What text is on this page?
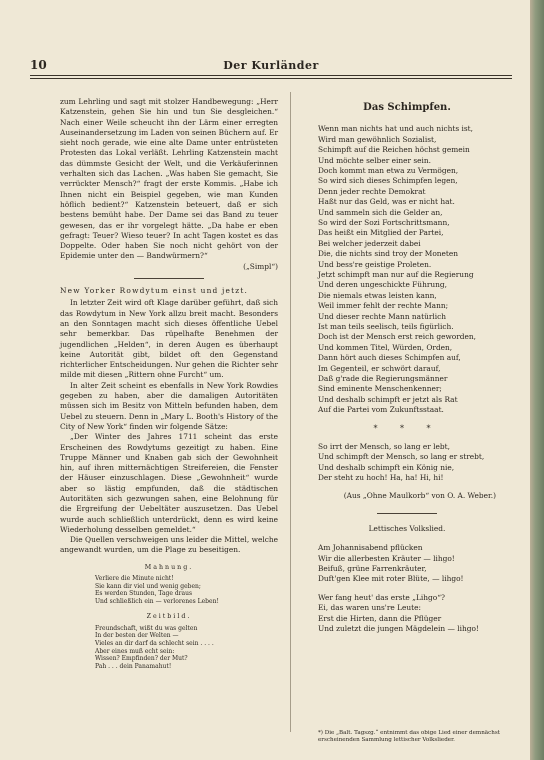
10	Der Kurländer

zum Lehrling und sagt mit stolzer Handbewegung: „Herr Katzenstein, gehen Sie hin und tun Sie desgleichen.“ Nach einer Weile scheucht ihn der Lärm einer erregten Auseinandersetzung im Laden von seinen Büchern auf. Er sieht noch gerade, wie eine alte Dame unter entrüsteten Protesten das Lokal verläßt. Lehrling Katzenstein macht das dümmste Gesicht der Welt, und die Verkäuferinnen verhalten sich das Lachen. „Was haben Sie gemacht, Sie verrückter Mensch?“ fragt der erste Kommis. „Habe ich Ihnen nicht ein Beispiel gegeben, wie man Kunden höflich bedient?“ Katzenstein beteuert, daß er sich bestens bemüht habe. Der Dame sei das Band zu teuer gewesen, das er ihr vorgelegt hätte. „Da habe er eben gefragt: Teuer? Wieso teuer? In acht Tagen kostet es das Doppelte. Oder haben Sie noch nicht gehört von der Epidemie unter den — Bandwürmern?“

(„Simpl“)

New Yorker Rowdytum einst und jetzt.

In letzter Zeit wird oft Klage darüber geführt, daß sich das Rowdytum in New York allzu breit macht. Besonders an den Sonntagen macht sich dieses öffentliche Uebel sehr bemerkbar. Das rüpelhafte Benehmen der jugendlichen „Helden“, in deren Augen es überhaupt keine Autorität gibt, bildet oft den Gegenstand richterlicher Entscheidungen. Nur gehen die Richter sehr milde mit diesen „Rittern ohne Furcht“ um.

In alter Zeit scheint es ebenfalls in New York Rowdies gegeben zu haben, aber die damaligen Autoritäten müssen sich im Besitz von Mitteln befunden haben, dem Uebel zu steuern. Denn in „Mary L. Booth's History of the City of New York“ finden wir folgende Sätze:

„Der Winter des Jahres 1711 scheint das erste Erscheinen des Rowdytums gezeitigt zu haben. Eine Truppe Männer und Knaben gab sich der Gewohnheit hin, auf ihren mitternächtigen Streifereien, die Fenster der Häuser einzuschlagen. Diese „Gewohnheit“ wurde aber so lästig empfunden, daß die städtischen Autoritäten sich gezwungen sahen, eine Belohnung für die Ergreifung der Uebeltäter auszusetzen. Das Uebel wurde auch schließlich unterdrückt, denn es wird keine Wiederholung desselben gemeldet.“

Die Quellen verschweigen uns leider die Mittel, welche angewandt wurden, um die Plage zu beseitigen.

Mahnung.
Verliere die Minute nicht!
Sie kann dir viel und wenig geben;
Es werden Stunden, Tage draus
Und schließlich ein — verlorenes Leben!
Zeitbild.
Freundschaft, wißt du was gelten
In der besten der Welten —
Vieles an dir darf da schlecht sein . . . .
Aber eines muß echt sein:
Wissen? Empfinden? der Mut?
Pah . . . dein Panamahut!
Das Schimpfen.
Wenn man nichts hat und auch nichts ist,
Wird man gewöhnlich Sozialist,
Schimpft auf die Reichen höchst gemein
Und möchte selber einer sein.
Doch kommt man etwa zu Vermögen,
So wird sich dieses Schimpfen legen,
Denn jeder rechte Demokrat
Haßt nur das Geld, was er nicht hat.
Und sammeln sich die Gelder an,
So wird der Sozi Fortschrittsmann,
Das heißt ein Mitglied der Partei,
Bei welcher jederzeit dabei
Die, die nichts sind troy der Moneten
Und bess're geistige Proleten.
Jetzt schimpft man nur auf die Regierung
Und deren ungeschickte Führung,
Die niemals etwas leisten kann,
Weil immer fehlt der rechte Mann;
Und dieser rechte Mann natürlich
Ist man teils seelisch, teils figürlich.
Doch ist der Mensch erst reich geworden,
Und kommen Titel, Würden, Orden,
Dann hört auch dieses Schimpfen auf,
Im Gegenteil, er schwört darauf,
Daß g'rade die Regierungsmänner
Sind eminente Menschenkenner;
Und deshalb schimpft er jetzt als Rat
Auf die Partei vom Zukunftsstaat.
* * *
So irrt der Mensch, so lang er lebt,
Und schimpft der Mensch, so lang er strebt,
Und deshalb schimpft ein König nie,
Der steht zu hoch! Ha, ha! Hi, hi!
(Aus „Ohne Maulkorb“ von O. A. Weber.)
Lettisches Volkslied.
Am Johannisabend pflücken
Wir die allerbesten Kräuter — lihgo!
Beifuß, grüne Farrenkräuter,
Duft'gen Klee mit roter Blüte, — lihgo!
Wer fang heut' das erste „Lihgo“?
Ei, das waren uns're Leute:
Erst die Hirten, dann die Pflüger
Und zuletzt die jungen Mägdelein — lihgo!
*) Die „Balt. Tagszg.“ entnimmt das obige Lied einer demnächst erscheinenden Sammlung lettischer Volkslieder.
